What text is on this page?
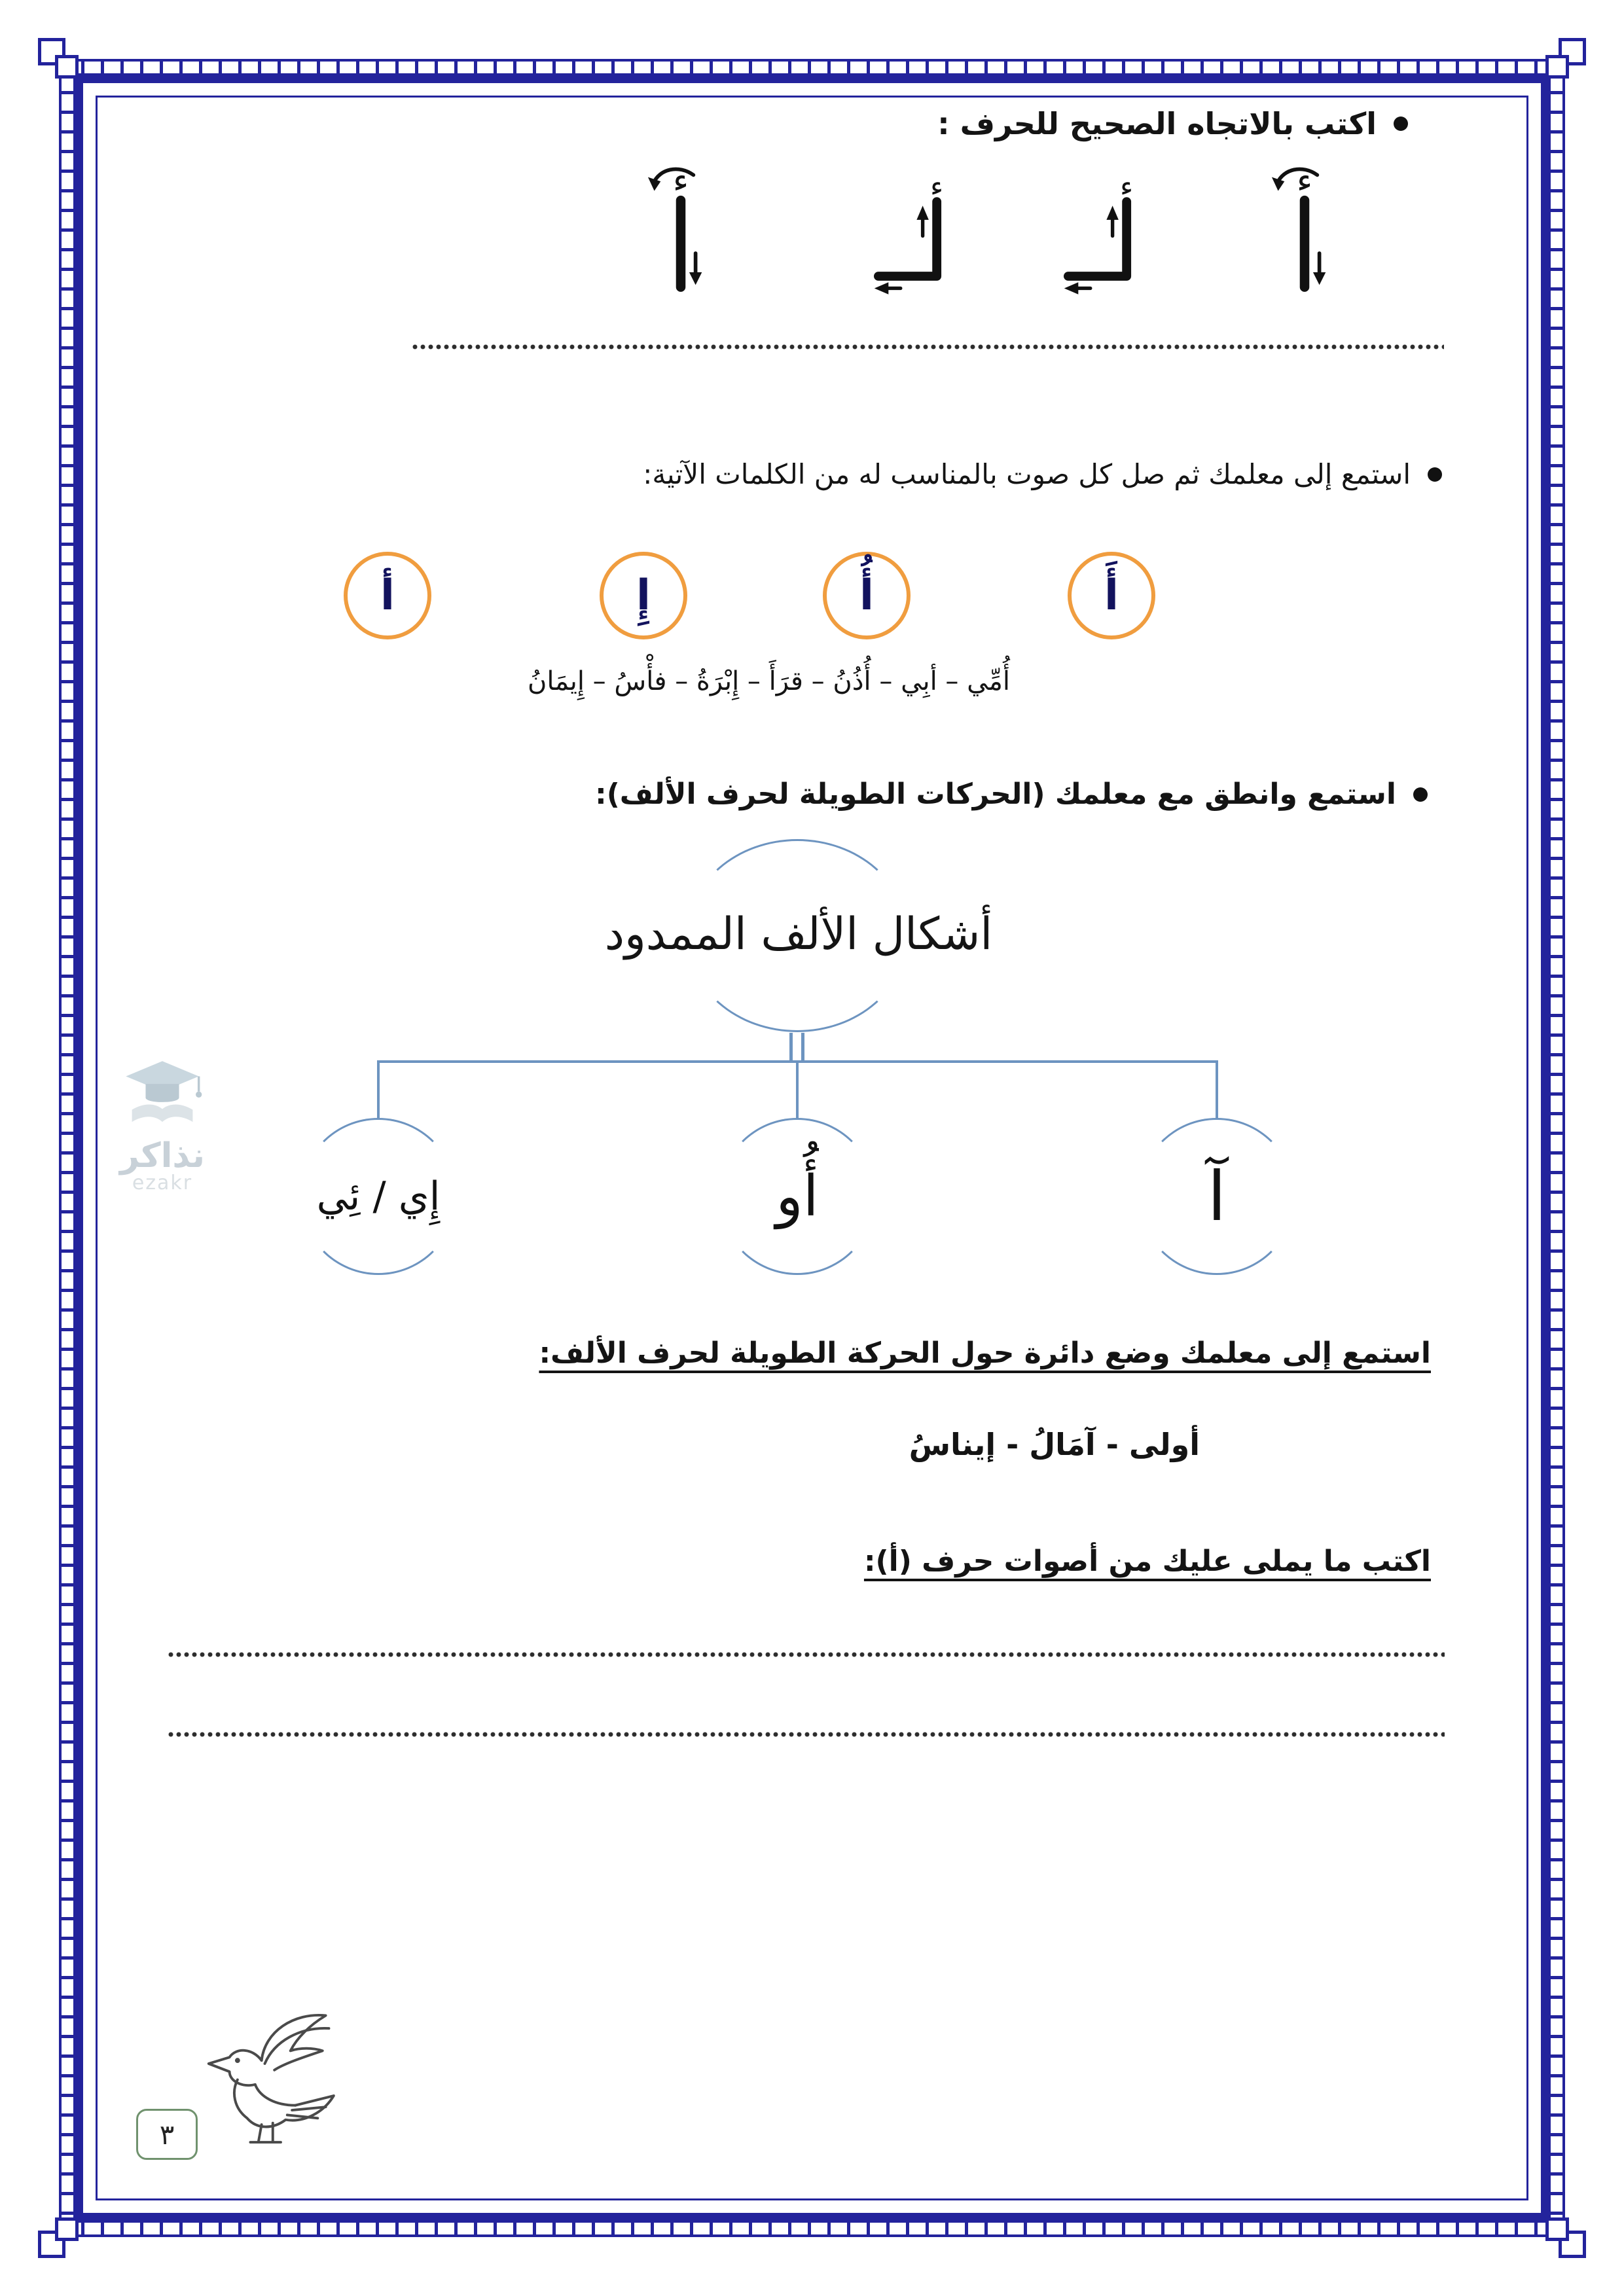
اكتب بالاتجاه الصحيح للحرف :
ء	ء	ء	ء
استمع إلى معلمك ثم صل كل صوت بالمناسب له من الكلمات الآتية:
أ	إِ	أُ	أَ
أُمِّي – أبِي – أُذُنُ – قرَأَ – إِبْرَةُ – فأْسُ – إِيمَانُ
استمع وانطق مع معلمك (الحركات الطويلة لحرف الألف):
أشكال الألف الممدود
إِي / ئِي	أُو	آ
نذاكر
ezakr
استمع إلى معلمك وضع دائرة حول الحركة الطويلة لحرف الألف:
أولى - آمَالُ - إيناسُ
اكتب ما يملى عليك من أصوات حرف (أ):
٣
